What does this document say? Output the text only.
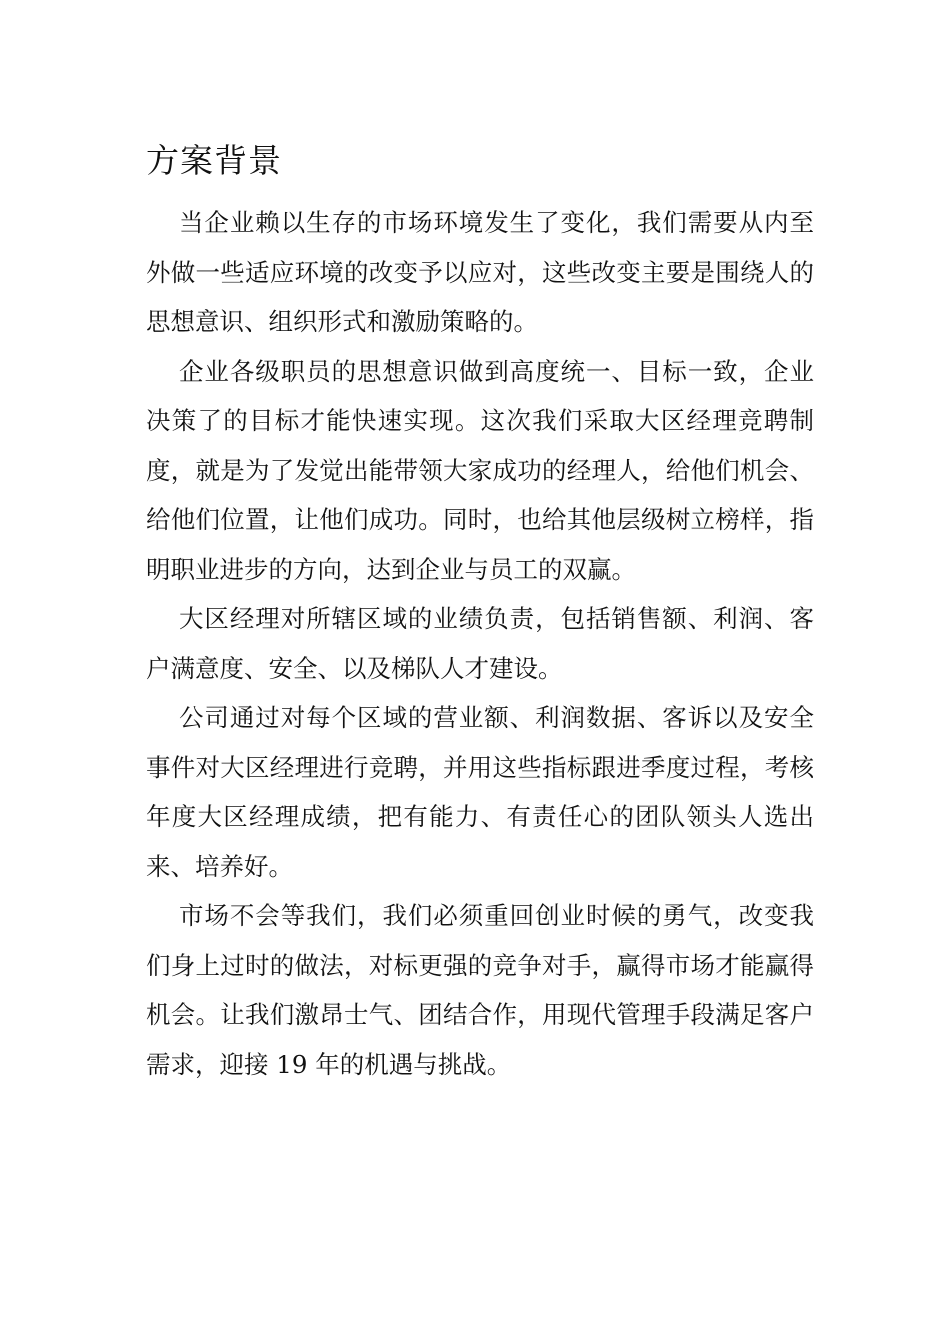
方案背景

当企业赖以生存的市场环境发生了变化，我们需要从内至外做一些适应环境的改变予以应对，这些改变主要是围绕人的思想意识、组织形式和激励策略的。

企业各级职员的思想意识做到高度统一、目标一致，企业决策了的目标才能快速实现。这次我们采取大区经理竞聘制度，就是为了发觉出能带领大家成功的经理人，给他们机会、给他们位置，让他们成功。同时，也给其他层级树立榜样，指明职业进步的方向，达到企业与员工的双赢。

大区经理对所辖区域的业绩负责，包括销售额、利润、客户满意度、安全、以及梯队人才建设。

公司通过对每个区域的营业额、利润数据、客诉以及安全事件对大区经理进行竞聘，并用这些指标跟进季度过程，考核年度大区经理成绩，把有能力、有责任心的团队领头人选出来、培养好。

市场不会等我们，我们必须重回创业时候的勇气，改变我们身上过时的做法，对标更强的竞争对手，赢得市场才能赢得机会。让我们激昂士气、团结合作，用现代管理手段满足客户需求，迎接 19 年的机遇与挑战。
